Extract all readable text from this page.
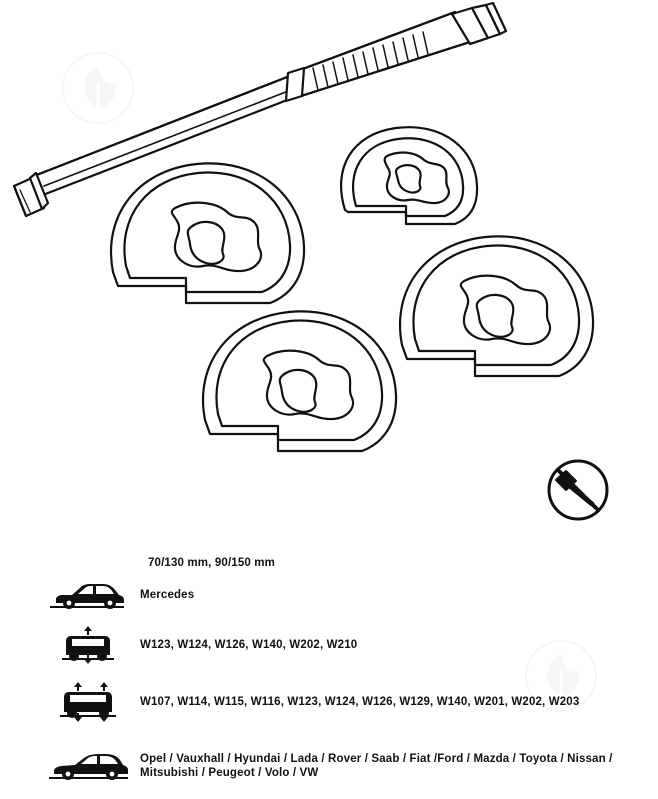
70/130 mm, 90/150 mm
Mercedes
W123, W124, W126, W140, W202, W210
W107, W114, W115, W116, W123, W124, W126, W129, W140, W201, W202, W203
Opel / Vauxhall / Hyundai / Lada / Rover / Saab / Fiat /Ford / Mazda / Toyota / Nissan / Mitsubishi / Peugeot / Volo / VW
